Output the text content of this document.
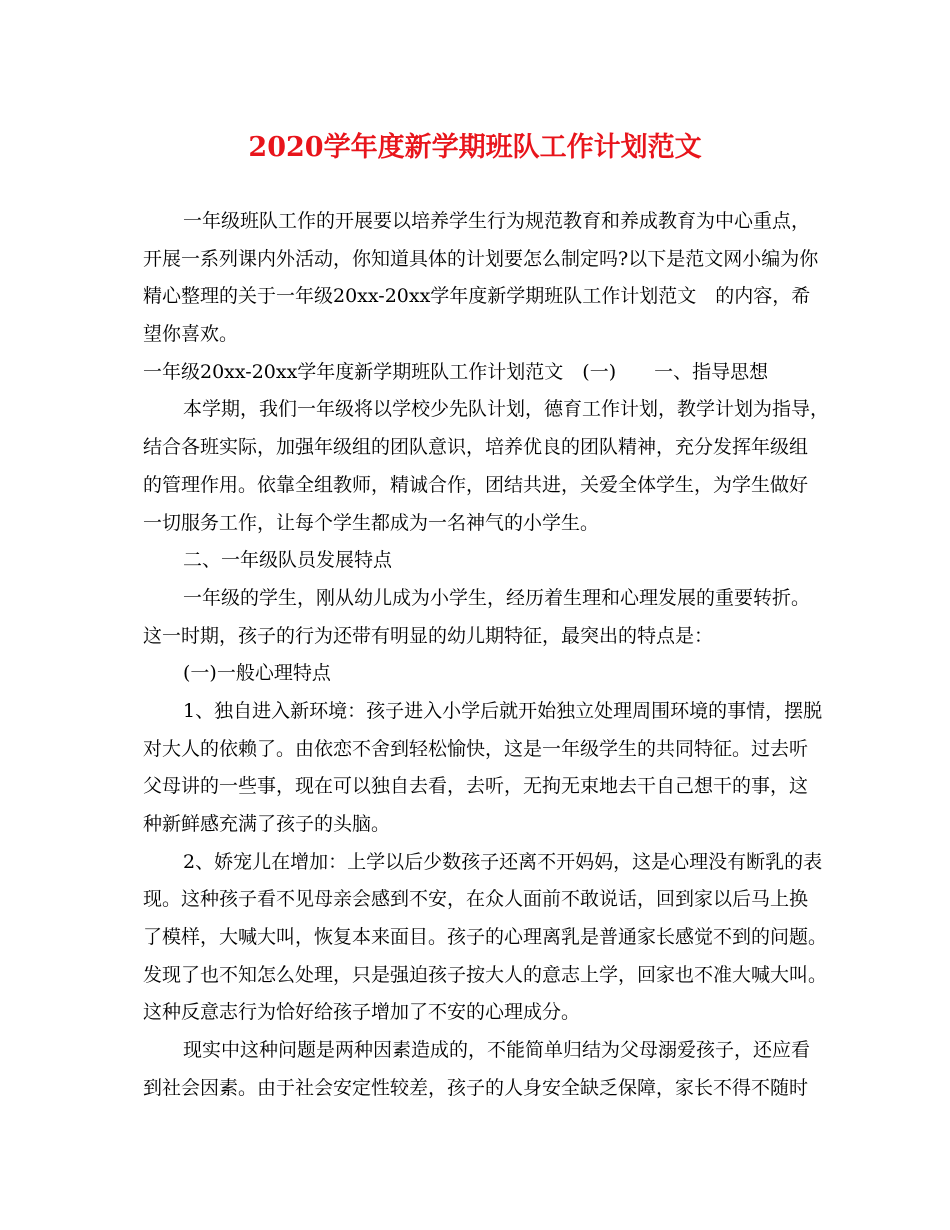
2020学年度新学期班队工作计划范文
一年级班队工作的开展要以培养学生行为规范教育和养成教育为中心重点，
开展一系列课内外活动，你知道具体的计划要怎么制定吗?以下是范文网小编为你
精心整理的关于一年级20xx-20xx学年度新学期班队工作计划范文　的内容，希
望你喜欢。
一年级20xx-20xx学年度新学期班队工作计划范文　(一)　　一、指导思想
本学期，我们一年级将以学校少先队计划，德育工作计划，教学计划为指导，
结合各班实际，加强年级组的团队意识，培养优良的团队精神，充分发挥年级组
的管理作用。依靠全组教师，精诚合作，团结共进，关爱全体学生，为学生做好
一切服务工作，让每个学生都成为一名神气的小学生。
二、一年级队员发展特点
一年级的学生，刚从幼儿成为小学生，经历着生理和心理发展的重要转折。
这一时期，孩子的行为还带有明显的幼儿期特征，最突出的特点是：
(一)一般心理特点
1、独自进入新环境：孩子进入小学后就开始独立处理周围环境的事情，摆脱
对大人的依赖了。由依恋不舍到轻松愉快，这是一年级学生的共同特征。过去听
父母讲的一些事，现在可以独自去看，去听，无拘无束地去干自己想干的事，这
种新鲜感充满了孩子的头脑。
2、娇宠儿在增加：上学以后少数孩子还离不开妈妈，这是心理没有断乳的表
现。这种孩子看不见母亲会感到不安，在众人面前不敢说话，回到家以后马上换
了模样，大喊大叫，恢复本来面目。孩子的心理离乳是普通家长感觉不到的问题。
发现了也不知怎么处理，只是强迫孩子按大人的意志上学，回家也不准大喊大叫。
这种反意志行为恰好给孩子增加了不安的心理成分。
现实中这种问题是两种因素造成的，不能简单归结为父母溺爱孩子，还应看
到社会因素。由于社会安定性较差，孩子的人身安全缺乏保障，家长不得不随时
